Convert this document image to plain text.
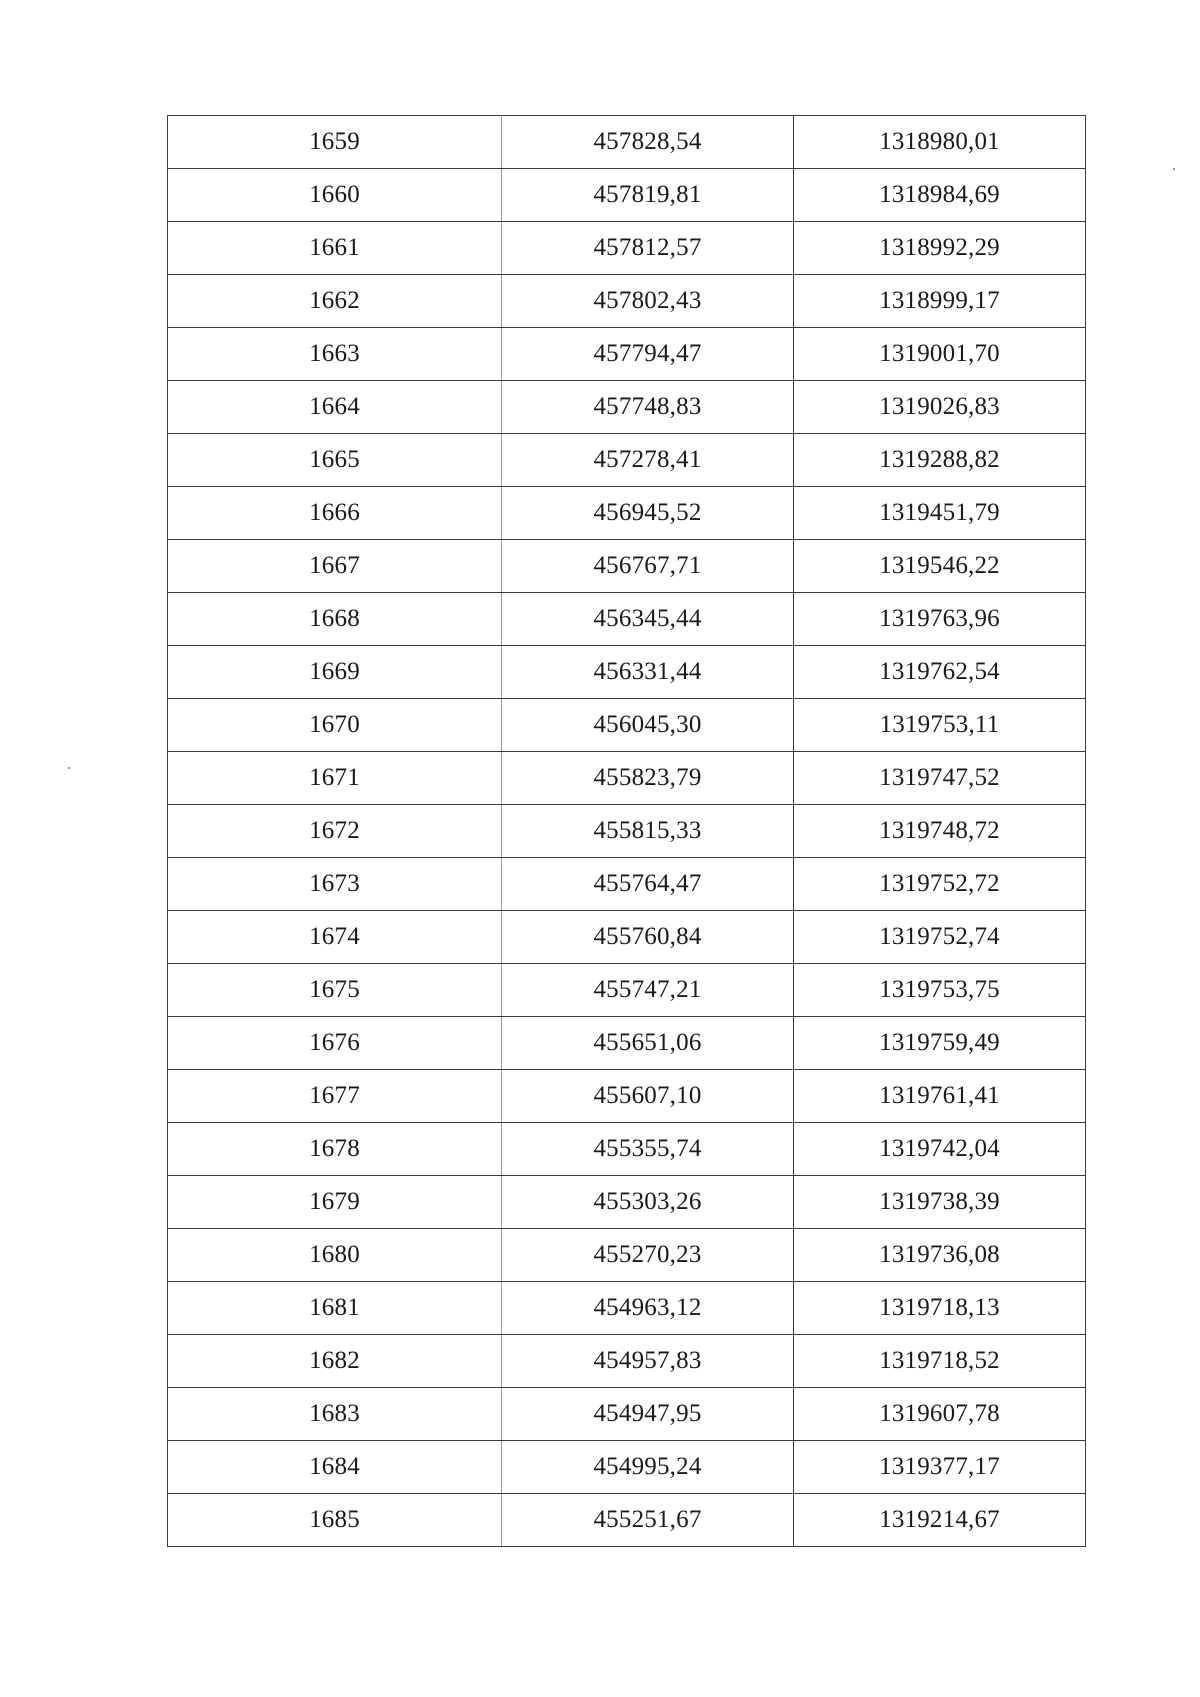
1659	457828,54	1318980,01
1660	457819,81	1318984,69
1661	457812,57	1318992,29
1662	457802,43	1318999,17
1663	457794,47	1319001,70
1664	457748,83	1319026,83
1665	457278,41	1319288,82
1666	456945,52	1319451,79
1667	456767,71	1319546,22
1668	456345,44	1319763,96
1669	456331,44	1319762,54
1670	456045,30	1319753,11
1671	455823,79	1319747,52
1672	455815,33	1319748,72
1673	455764,47	1319752,72
1674	455760,84	1319752,74
1675	455747,21	1319753,75
1676	455651,06	1319759,49
1677	455607,10	1319761,41
1678	455355,74	1319742,04
1679	455303,26	1319738,39
1680	455270,23	1319736,08
1681	454963,12	1319718,13
1682	454957,83	1319718,52
1683	454947,95	1319607,78
1684	454995,24	1319377,17
1685	455251,67	1319214,67
